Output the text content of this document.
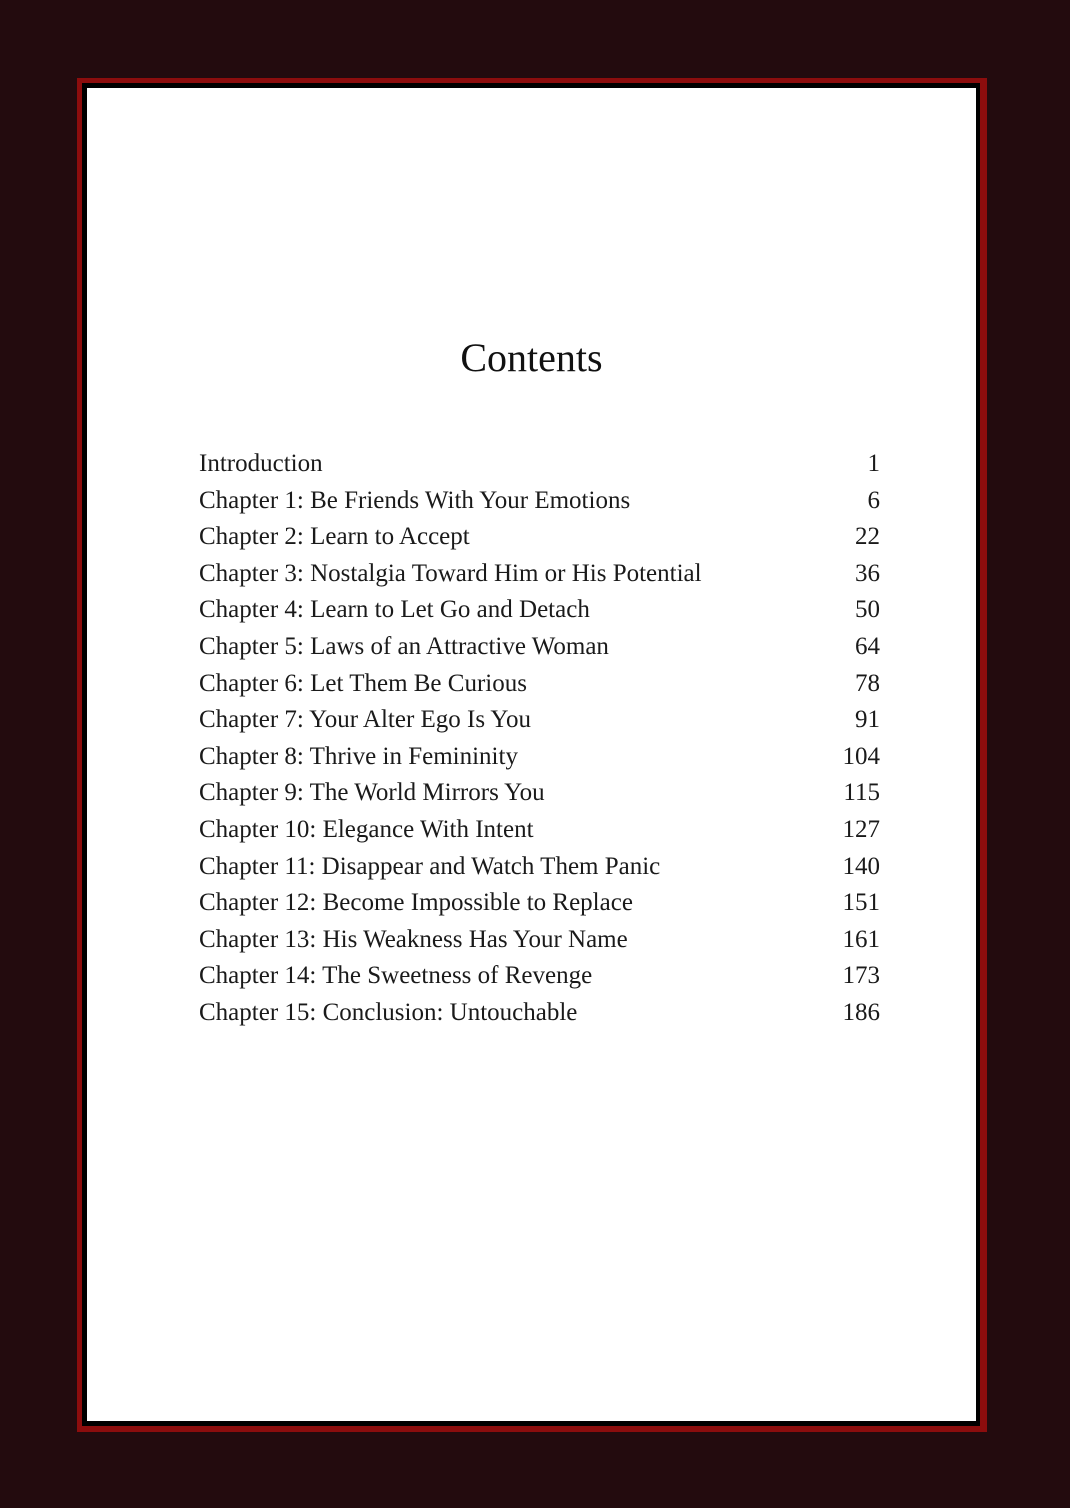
Contents
Introduction	1
Chapter 1: Be Friends With Your Emotions	6
Chapter 2: Learn to Accept	22
Chapter 3: Nostalgia Toward Him or His Potential	36
Chapter 4: Learn to Let Go and Detach	50
Chapter 5: Laws of an Attractive Woman	64
Chapter 6: Let Them Be Curious	78
Chapter 7: Your Alter Ego Is You	91
Chapter 8: Thrive in Femininity	104
Chapter 9: The World Mirrors You	115
Chapter 10: Elegance With Intent	127
Chapter 11: Disappear and Watch Them Panic	140
Chapter 12: Become Impossible to Replace	151
Chapter 13: His Weakness Has Your Name	161
Chapter 14: The Sweetness of Revenge	173
Chapter 15: Conclusion: Untouchable	186
